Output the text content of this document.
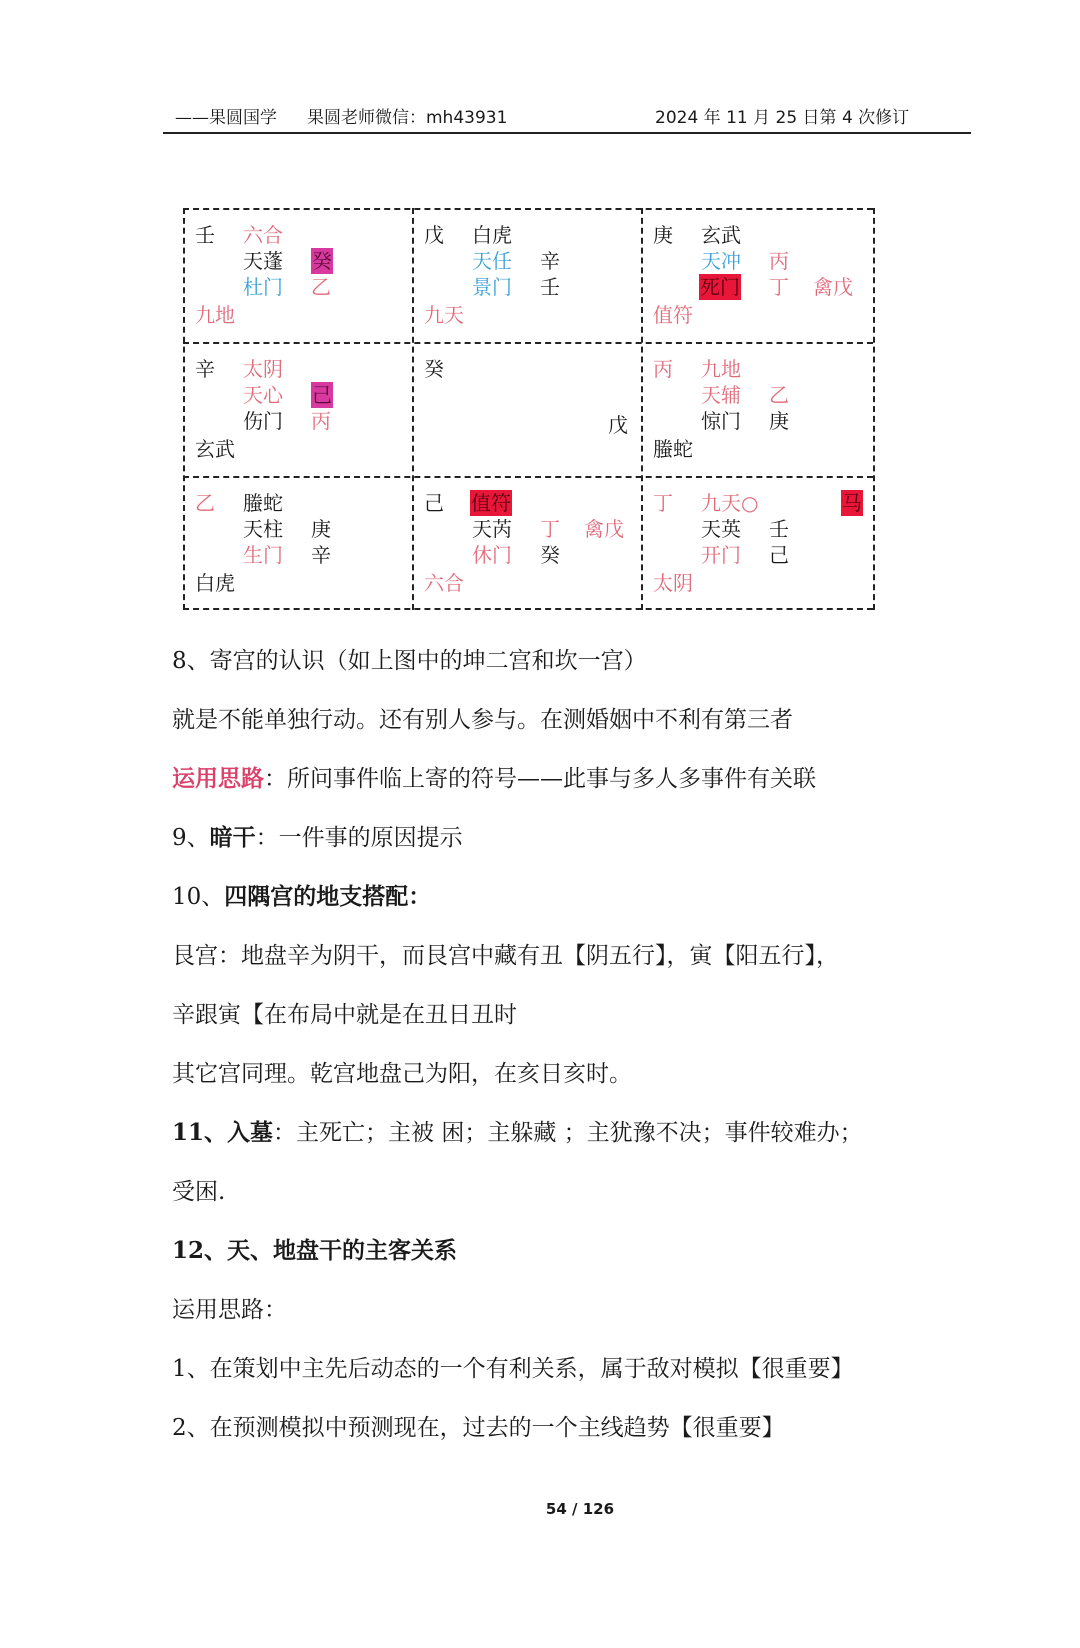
——果圆国学 果圆老师微信：mh43931	2024 年 11 月 25 日第 4 次修订
壬 六合
天蓬 癸
杜门 乙
九地
戊 白虎
天任 辛
景门 壬
九天
庚 玄武
天冲 丙
死门 丁 禽戊
值符
辛 太阴
天心 己
伤门 丙
玄武
癸
戊
丙 九地
天辅 乙
惊门 庚
螣蛇
乙 螣蛇
天柱 庚
生门 辛
白虎
己 值符
天芮 丁 禽戊
休门 癸
六合
丁 九天○	马
天英 壬
开门 己
太阴
8、寄宫的认识（如上图中的坤二宫和坎一宫）
就是不能单独行动。还有别人参与。在测婚姻中不利有第三者
运用思路：所问事件临上寄的符号——此事与多人多事件有关联
9、暗干：一件事的原因提示
10、四隅宫的地支搭配：
艮宫：地盘辛为阴干，而艮宫中藏有丑【阴五行】，寅【阳五行】，
辛跟寅【在布局中就是在丑日丑时
其它宫同理。乾宫地盘己为阳，在亥日亥时。
11、入墓：主死亡；主被 困；主躲藏 ；主犹豫不决；事件较难办；
受困.
12、天、地盘干的主客关系
运用思路：
1、在策划中主先后动态的一个有利关系，属于敌对模拟【很重要】
2、在预测模拟中预测现在，过去的一个主线趋势【很重要】
54 / 126
